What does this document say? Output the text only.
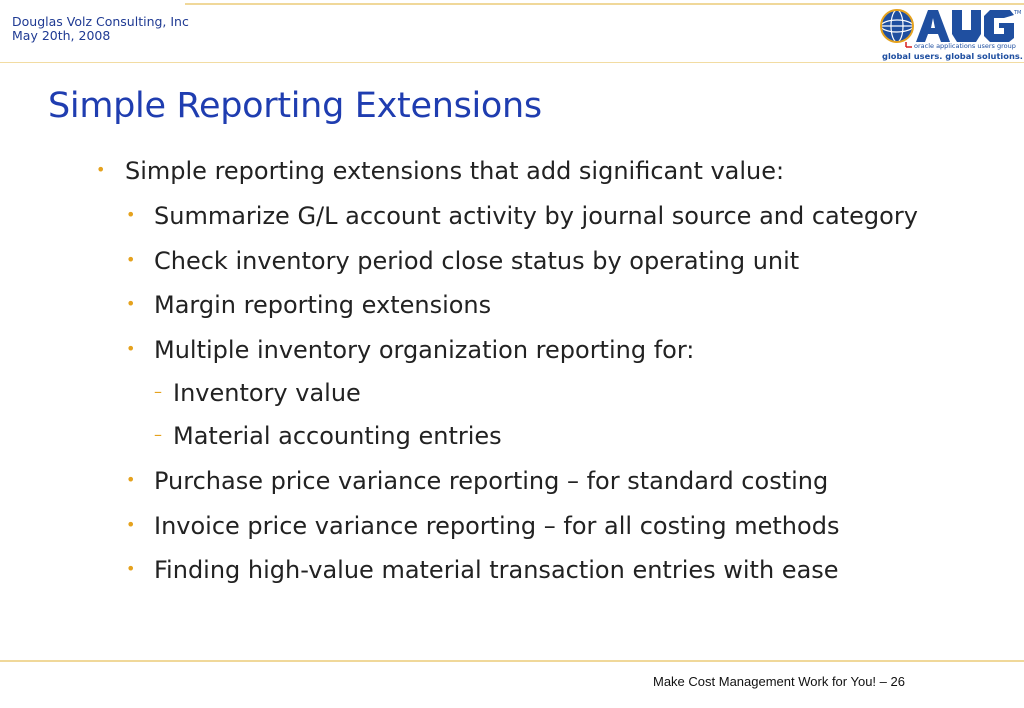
Douglas Volz Consulting, Inc
May 20th, 2008
TM
oracle applications users group
global users. global solutions.
Simple Reporting Extensions
• Simple reporting extensions that add significant value:
• Summarize G/L account activity by journal source and category
• Check inventory period close status by operating unit
• Margin reporting extensions
• Multiple inventory organization reporting for:
– Inventory value
– Material accounting entries
• Purchase price variance reporting – for standard costing
• Invoice price variance reporting – for all costing methods
• Finding high-value material transaction entries with ease
Make Cost Management Work for You! – 26
